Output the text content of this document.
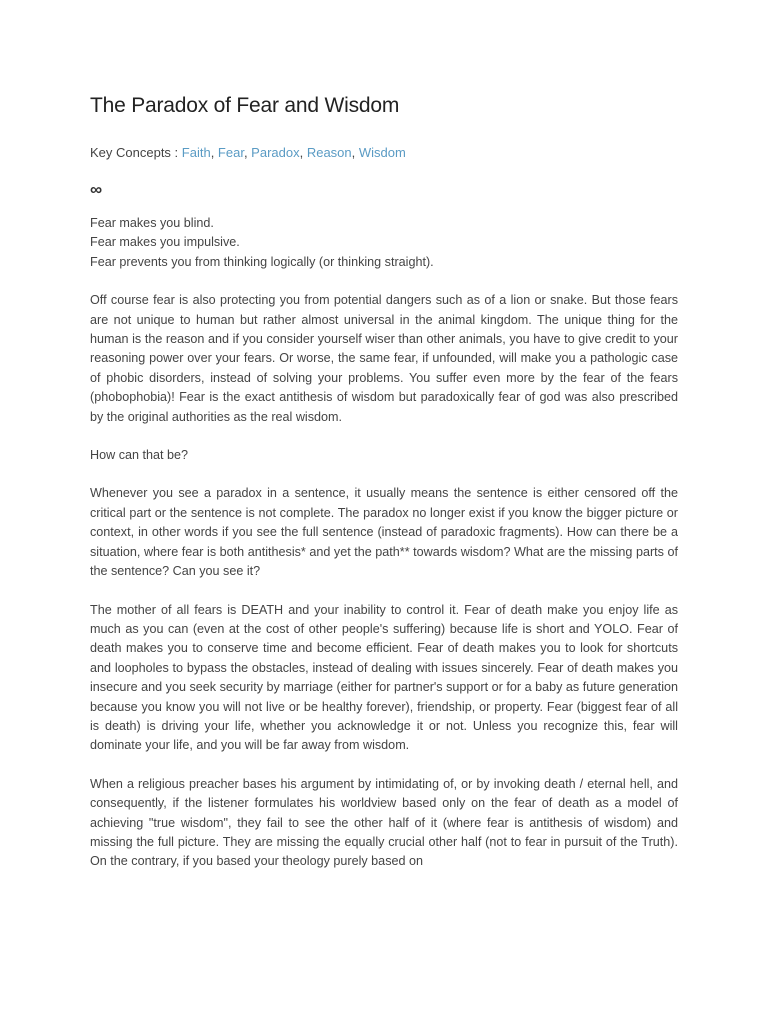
The Paradox of Fear and Wisdom
Key Concepts : Faith, Fear, Paradox, Reason, Wisdom
∞

Fear makes you blind.
Fear makes you impulsive.
Fear prevents you from thinking logically (or thinking straight).

Off course fear is also protecting you from potential dangers such as of a lion or snake. But those fears are not unique to human but rather almost universal in the animal kingdom. The unique thing for the human is the reason and if you consider yourself wiser than other animals, you have to give credit to your reasoning power over your fears. Or worse, the same fear, if unfounded, will make you a pathologic case of phobic disorders, instead of solving your problems. You suffer even more by the fear of the fears (phobophobia)! Fear is the exact antithesis of wisdom but paradoxically fear of god was also prescribed by the original authorities as the real wisdom.

How can that be?

Whenever you see a paradox in a sentence, it usually means the sentence is either censored off the critical part or the sentence is not complete. The paradox no longer exist if you know the bigger picture or context, in other words if you see the full sentence (instead of paradoxic fragments). How can there be a situation, where fear is both antithesis* and yet the path** towards wisdom? What are the missing parts of the sentence? Can you see it?

The mother of all fears is DEATH and your inability to control it. Fear of death make you enjoy life as much as you can (even at the cost of other people's suffering) because life is short and YOLO. Fear of death makes you to conserve time and become efficient. Fear of death makes you to look for shortcuts and loopholes to bypass the obstacles, instead of dealing with issues sincerely. Fear of death makes you insecure and you seek security by marriage (either for partner's support or for a baby as future generation because you know you will not live or be healthy forever), friendship, or property. Fear (biggest fear of all is death) is driving your life, whether you acknowledge it or not. Unless you recognize this, fear will dominate your life, and you will be far away from wisdom.

When a religious preacher bases his argument by intimidating of, or by invoking death / eternal hell, and consequently, if the listener formulates his worldview based only on the fear of death as a model of achieving "true wisdom", they fail to see the other half of it (where fear is antithesis of wisdom) and missing the full picture. They are missing the equally crucial other half (not to fear in pursuit of the Truth). On the contrary, if you based your theology purely based on
